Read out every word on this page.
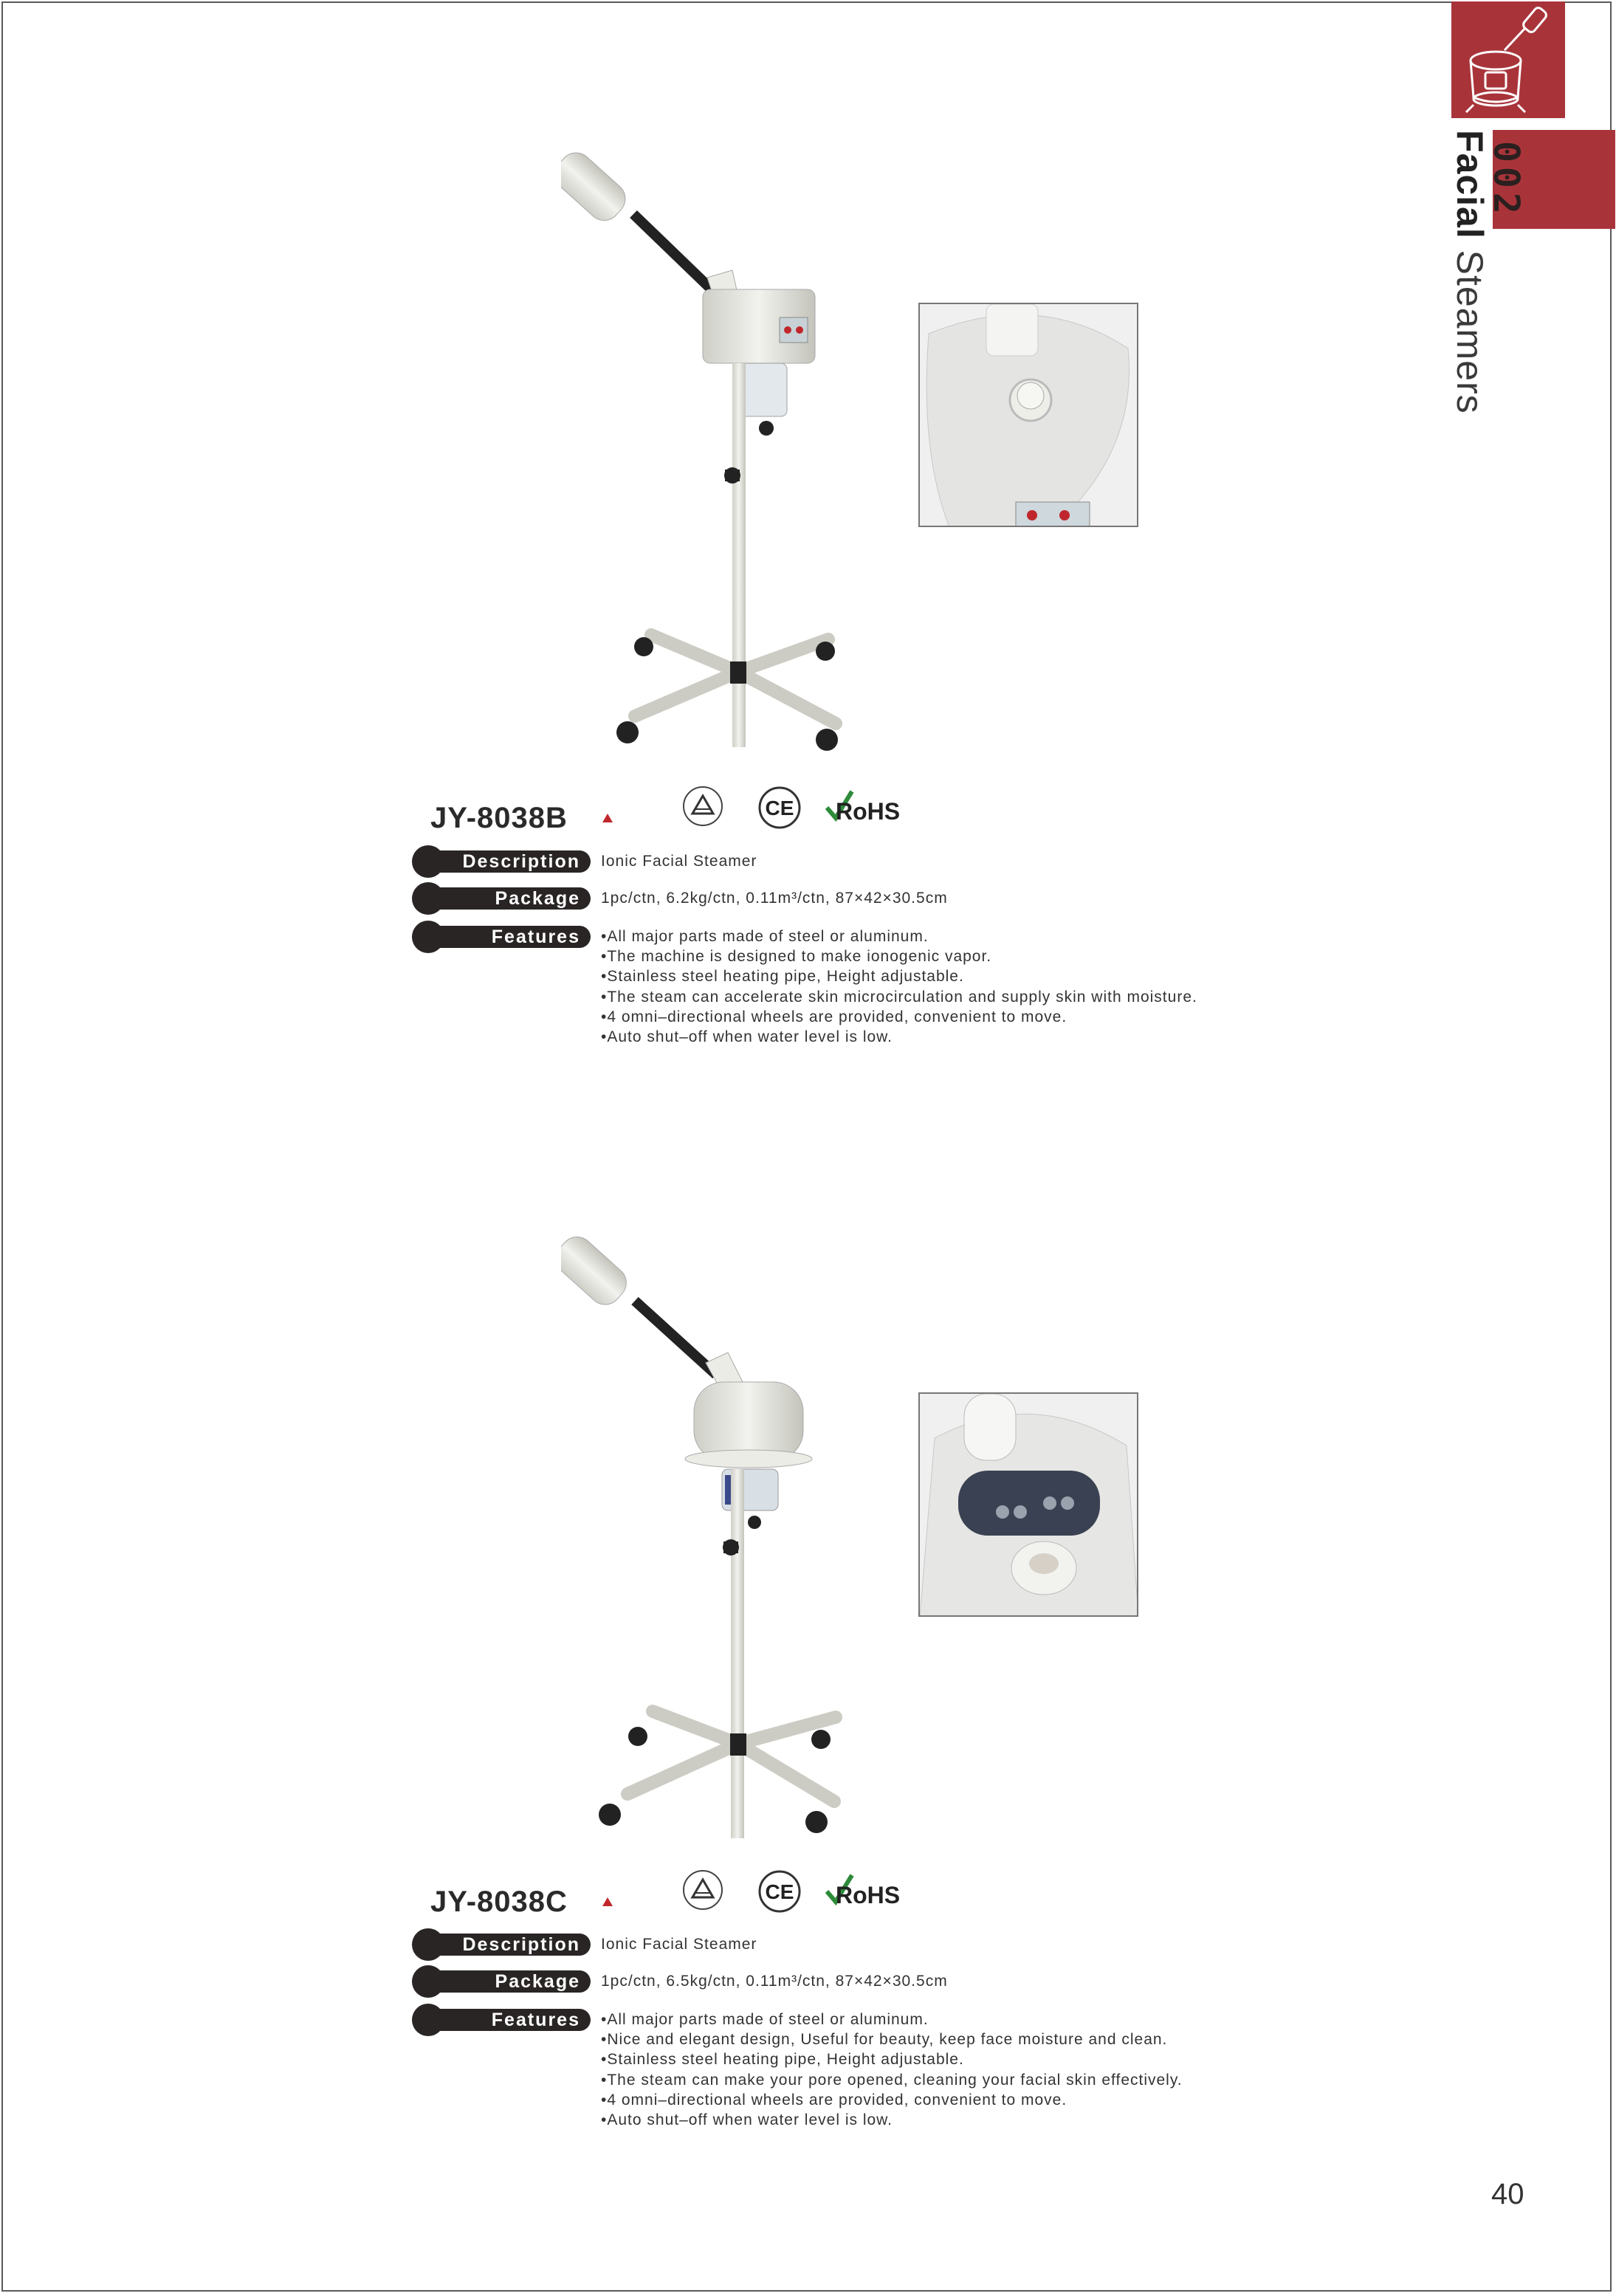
002
Facial Steamers
JY-8038B	CE RoHS
Description	Ionic Facial Steamer
Package	1pc/ctn, 6.2kg/ctn, 0.11m³/ctn, 87×42×30.5cm
Features	• All major parts made of steel or aluminum.
• The machine is designed to make ionogenic vapor.
• Stainless steel heating pipe, Height adjustable.
• The steam can accelerate skin microcirculation and supply skin with moisture.
• 4 omni–directional wheels are provided, convenient to move.
• Auto shut–off when water level is low.
JY-8038C	CE RoHS
Description	Ionic Facial Steamer
Package	1pc/ctn, 6.5kg/ctn, 0.11m³/ctn, 87×42×30.5cm
Features	• All major parts made of steel or aluminum.
• Nice and elegant design, Useful for beauty, keep face moisture and clean.
• Stainless steel heating pipe, Height adjustable.
• The steam can make your pore opened, cleaning your facial skin effectively.
• 4 omni–directional wheels are provided, convenient to move.
• Auto shut–off when water level is low.
40
